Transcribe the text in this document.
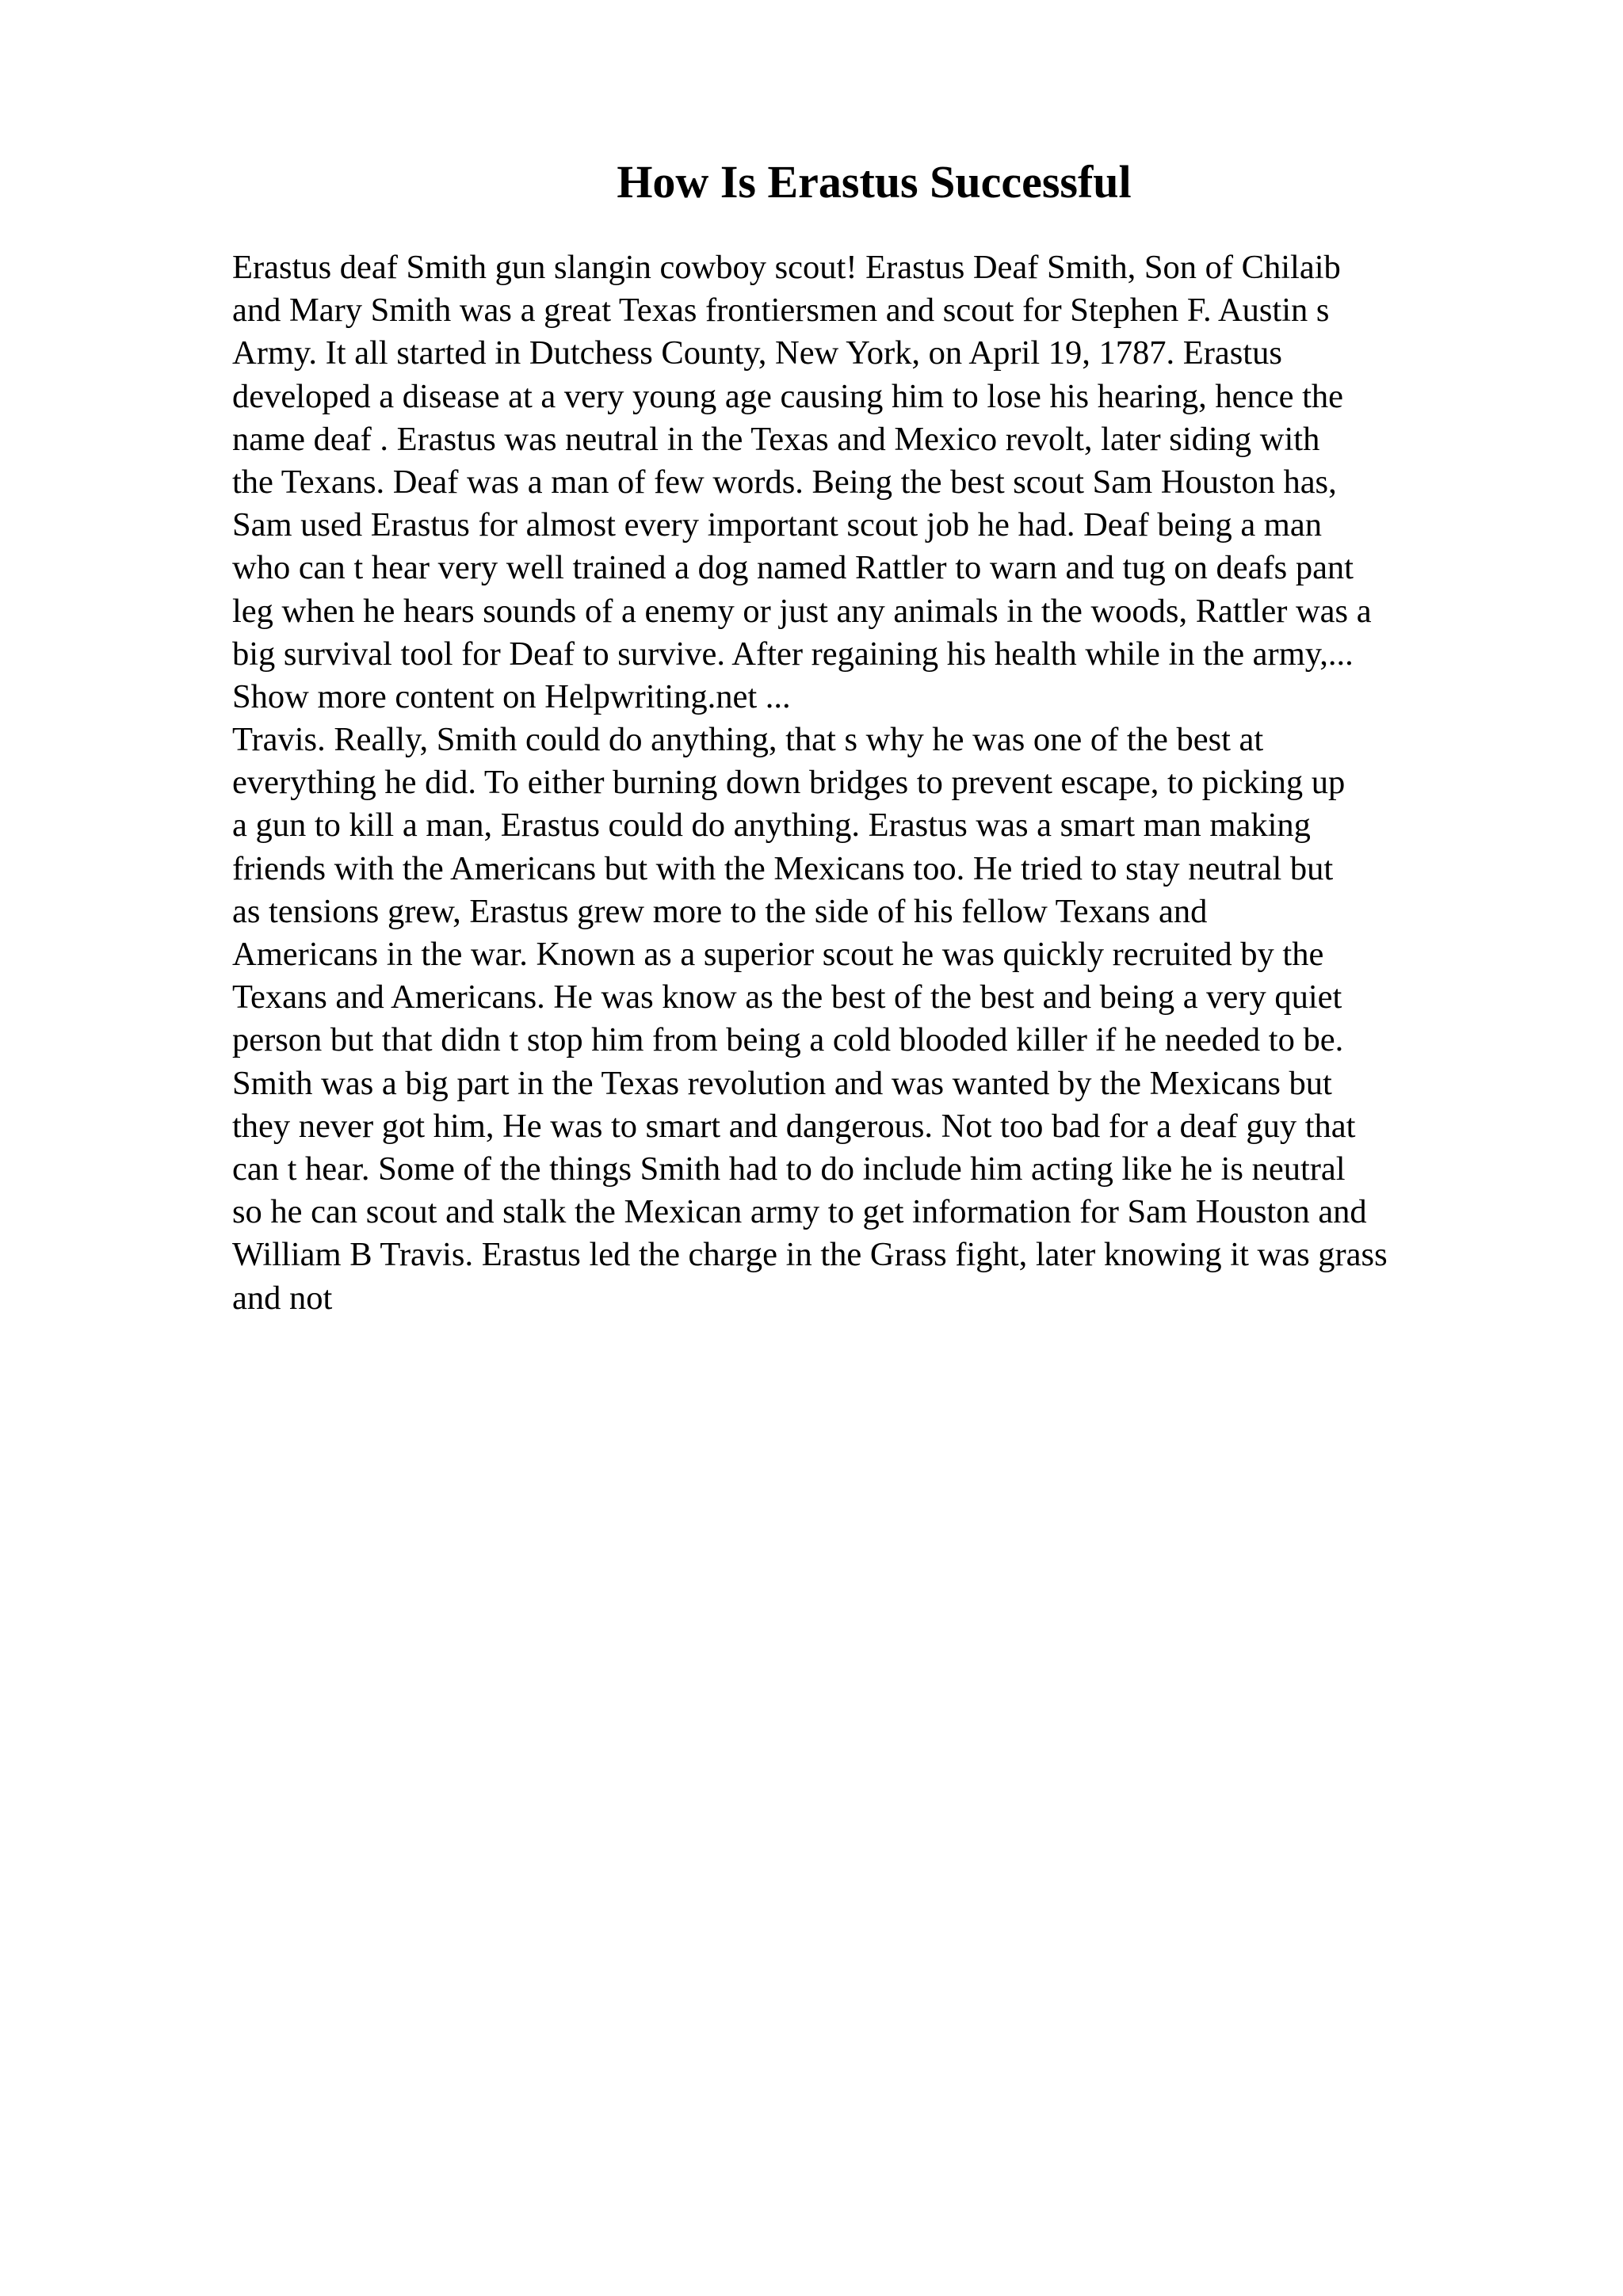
How Is Erastus Successful
Erastus deaf Smith gun slangin cowboy scout! Erastus Deaf Smith, Son of Chilaib
and Mary Smith was a great Texas frontiersmen and scout for Stephen F. Austin s
Army. It all started in Dutchess County, New York, on April 19, 1787. Erastus
developed a disease at a very young age causing him to lose his hearing, hence the
name deaf . Erastus was neutral in the Texas and Mexico revolt, later siding with
the Texans. Deaf was a man of few words. Being the best scout Sam Houston has,
Sam used Erastus for almost every important scout job he had. Deaf being a man
who can t hear very well trained a dog named Rattler to warn and tug on deafs pant
leg when he hears sounds of a enemy or just any animals in the woods, Rattler was a
big survival tool for Deaf to survive. After regaining his health while in the army,...
Show more content on Helpwriting.net ...
Travis. Really, Smith could do anything, that s why he was one of the best at
everything he did. To either burning down bridges to prevent escape, to picking up
a gun to kill a man, Erastus could do anything. Erastus was a smart man making
friends with the Americans but with the Mexicans too. He tried to stay neutral but
as tensions grew, Erastus grew more to the side of his fellow Texans and
Americans in the war. Known as a superior scout he was quickly recruited by the
Texans and Americans. He was know as the best of the best and being a very quiet
person but that didn t stop him from being a cold blooded killer if he needed to be.
Smith was a big part in the Texas revolution and was wanted by the Mexicans but
they never got him, He was to smart and dangerous. Not too bad for a deaf guy that
can t hear. Some of the things Smith had to do include him acting like he is neutral
so he can scout and stalk the Mexican army to get information for Sam Houston and
William B Travis. Erastus led the charge in the Grass fight, later knowing it was grass
and not
